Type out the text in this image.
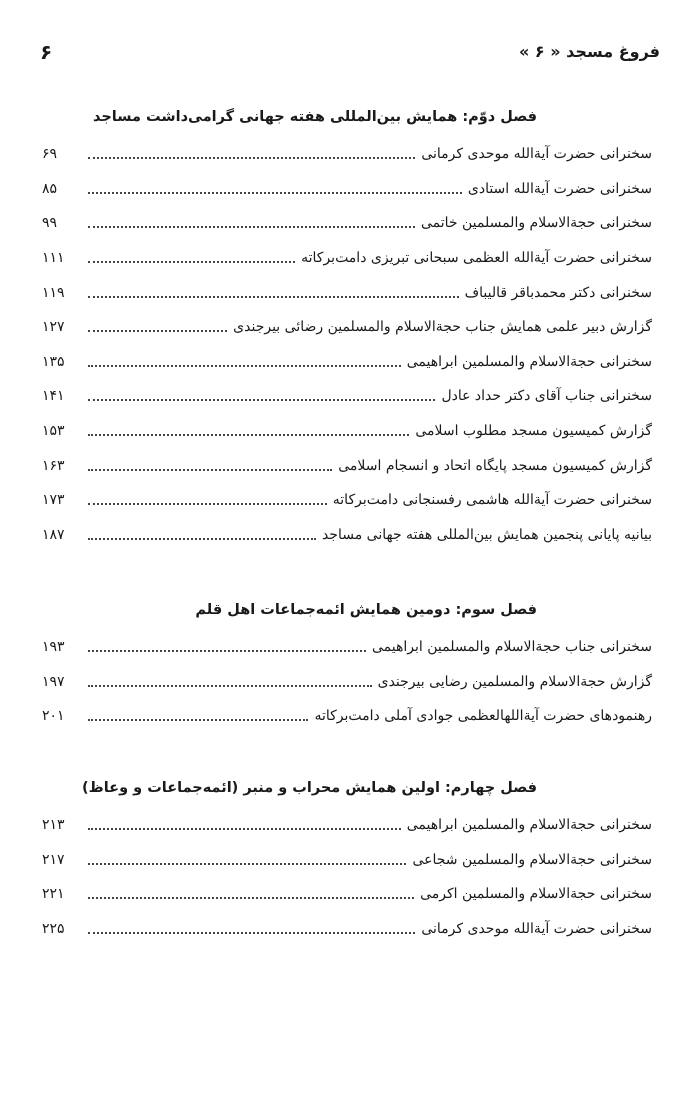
فروغ مسجد « ۶ »
۶
فصل دوّم: همایش بین‌المللی هفته جهانی گرامی‌داشت مساجد
سخنرانی حضرت آیةالله موحدی کرمانی
۶۹
سخنرانی حضرت آیةالله استادی
۸۵
سخنرانی حجةالاسلام والمسلمین خاتمی
۹۹
سخنرانی حضرت آیةالله العظمی سبحانی تبریزی دامت‌برکاته
۱۱۱
سخنرانی دکتر محمدباقر قالیباف
۱۱۹
گزارش دبیر علمی همایش جناب حجةالاسلام والمسلمین رضائی بیرجندی
۱۲۷
سخنرانی حجةالاسلام والمسلمین ابراهیمی
۱۳۵
سخنرانی جناب آقای دکتر حداد عادل
۱۴۱
گزارش کمیسیون مسجد مطلوب اسلامی
۱۵۳
گزارش کمیسیون مسجد پایگاه اتحاد و انسجام اسلامی
۱۶۳
سخنرانی حضرت آیةالله هاشمی رفسنجانی دامت‌برکاته
۱۷۳
بیانیه پایانی پنجمین همایش بین‌المللی هفته جهانی مساجد
۱۸۷
فصل سوم: دومین همایش ائمه‌جماعات اهل قلم
سخنرانی جناب حجةالاسلام والمسلمین ابراهیمی
۱۹۳
گزارش حجةالاسلام والمسلمین رضایی بیرجندی
۱۹۷
رهنمودهای حضرت آیةاللهالعظمی جوادی آملی دامت‌برکاته
۲۰۱
فصل چهارم: اولین همایش محراب و منبر (ائمه‌جماعات و وعاظ)
سخنرانی حجةالاسلام والمسلمین ابراهیمی
۲۱۳
سخنرانی حجةالاسلام والمسلمین شجاعی
۲۱۷
سخنرانی حجةالاسلام والمسلمین اکرمی
۲۲۱
سخنرانی حضرت آیةالله موحدی کرمانی
۲۲۵
